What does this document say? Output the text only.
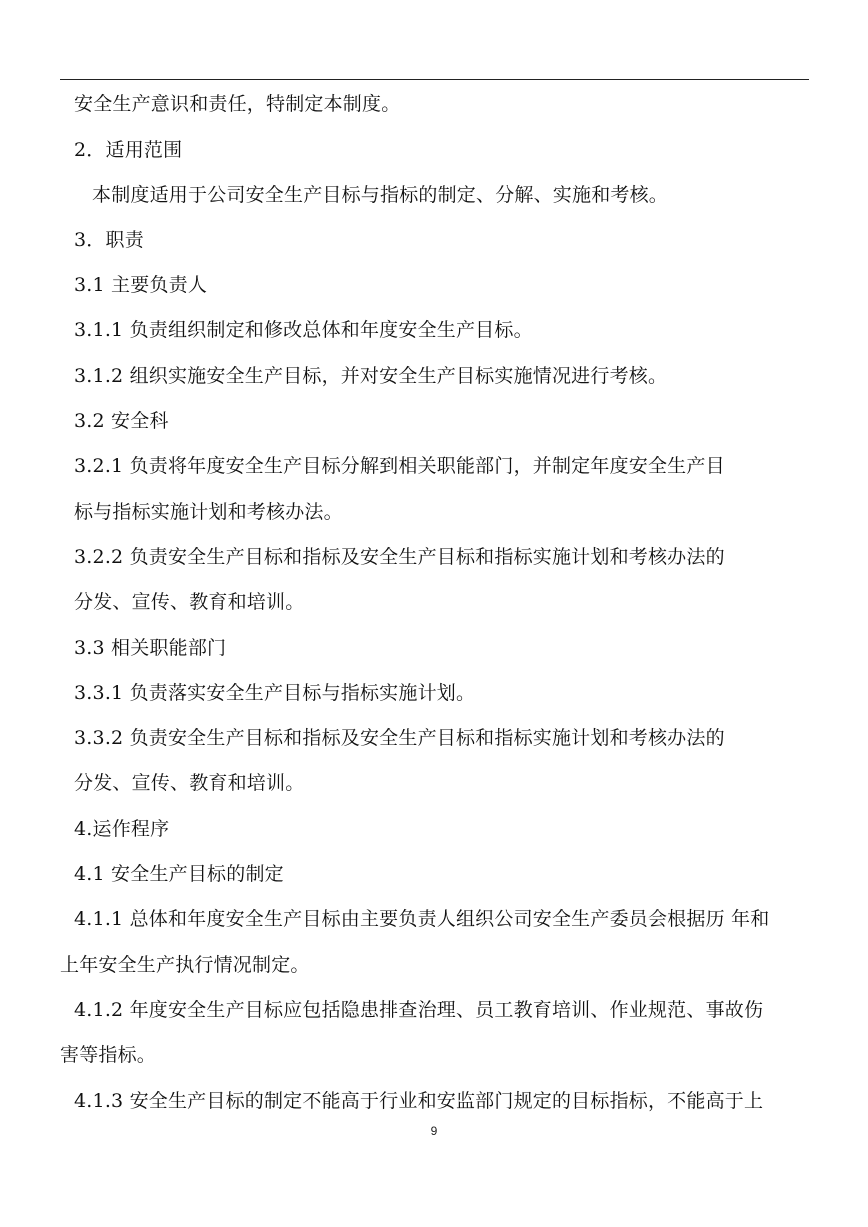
安全生产意识和责任，特制定本制度。
2．适用范围
本制度适用于公司安全生产目标与指标的制定、分解、实施和考核。
3．职责
3.1 主要负责人
3.1.1 负责组织制定和修改总体和年度安全生产目标。
3.1.2 组织实施安全生产目标，并对安全生产目标实施情况进行考核。
3.2 安全科
3.2.1 负责将年度安全生产目标分解到相关职能部门，并制定年度安全生产目
标与指标实施计划和考核办法。
3.2.2 负责安全生产目标和指标及安全生产目标和指标实施计划和考核办法的
分发、宣传、教育和培训。
3.3 相关职能部门
3.3.1 负责落实安全生产目标与指标实施计划。
3.3.2 负责安全生产目标和指标及安全生产目标和指标实施计划和考核办法的
分发、宣传、教育和培训。
4.运作程序
4.1 安全生产目标的制定
4.1.1 总体和年度安全生产目标由主要负责人组织公司安全生产委员会根据历 年和
上年安全生产执行情况制定。
4.1.2 年度安全生产目标应包括隐患排查治理、员工教育培训、作业规范、事故伤
害等指标。
4.1.3 安全生产目标的制定不能高于行业和安监部门规定的目标指标，不能高于上
9
